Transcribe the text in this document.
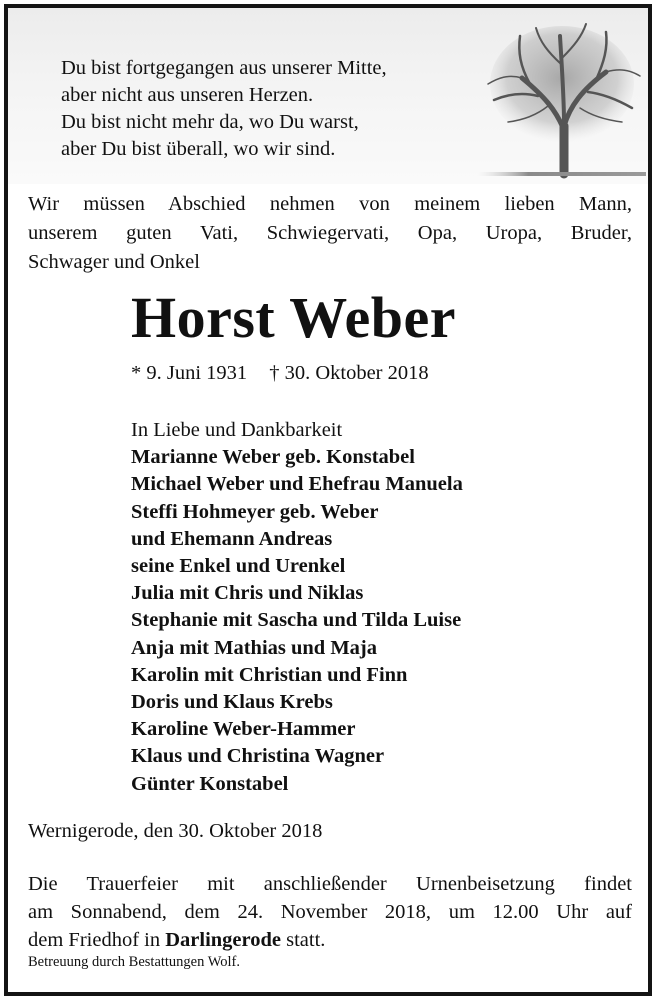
Du bist fortgegangen aus unserer Mitte,
aber nicht aus unseren Herzen.
Du bist nicht mehr da, wo Du warst,
aber Du bist überall, wo wir sind.
Wir müssen Abschied nehmen von meinem lieben Mann,
unserem guten Vati, Schwiegervati, Opa, Uropa, Bruder,
Schwager und Onkel
Horst Weber
* 9. Juni 1931 † 30. Oktober 2018
In Liebe und Dankbarkeit
Marianne Weber geb. Konstabel
Michael Weber und Ehefrau Manuela
Steffi Hohmeyer geb. Weber
und Ehemann Andreas
seine Enkel und Urenkel
Julia mit Chris und Niklas
Stephanie mit Sascha und Tilda Luise
Anja mit Mathias und Maja
Karolin mit Christian und Finn
Doris und Klaus Krebs
Karoline Weber-Hammer
Klaus und Christina Wagner
Günter Konstabel
Wernigerode, den 30. Oktober 2018
Die Trauerfeier mit anschließender Urnenbeisetzung findet
am Sonnabend, dem 24. November 2018, um 12.00 Uhr auf
dem Friedhof in Darlingerode statt.
Betreuung durch Bestattungen Wolf.
